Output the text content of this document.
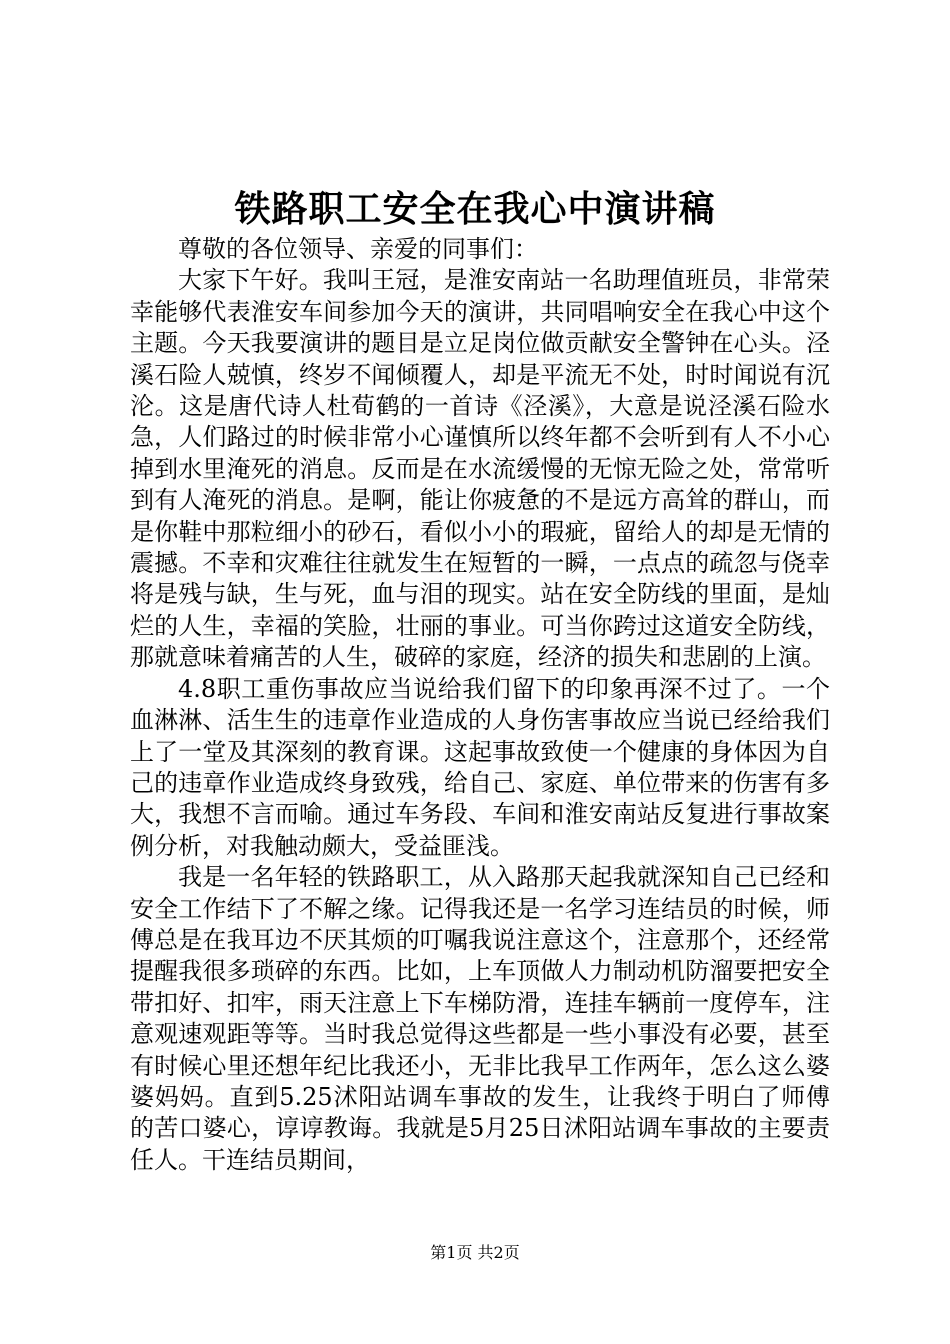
铁路职工安全在我心中演讲稿

尊敬的各位领导、亲爱的同事们：

大家下午好。我叫王冠，是淮安南站一名助理值班员，非常荣幸能够代表淮安车间参加今天的演讲，共同唱响安全在我心中这个主题。今天我要演讲的题目是立足岗位做贡献安全警钟在心头。泾溪石险人兢慎，终岁不闻倾覆人，却是平流无不处，时时闻说有沉沦。这是唐代诗人杜荀鹤的一首诗《泾溪》，大意是说泾溪石险水急，人们路过的时候非常小心谨慎所以终年都不会听到有人不小心掉到水里淹死的消息。反而是在水流缓慢的无惊无险之处，常常听到有人淹死的消息。是啊，能让你疲惫的不是远方高耸的群山，而是你鞋中那粒细小的砂石，看似小小的瑕疵，留给人的却是无情的震撼。不幸和灾难往往就发生在短暂的一瞬，一点点的疏忽与侥幸将是残与缺，生与死，血与泪的现实。站在安全防线的里面，是灿烂的人生，幸福的笑脸，壮丽的事业。可当你跨过这道安全防线，那就意味着痛苦的人生，破碎的家庭，经济的损失和悲剧的上演。

4.8职工重伤事故应当说给我们留下的印象再深不过了。一个血淋淋、活生生的违章作业造成的人身伤害事故应当说已经给我们上了一堂及其深刻的教育课。这起事故致使一个健康的身体因为自己的违章作业造成终身致残，给自己、家庭、单位带来的伤害有多大，我想不言而喻。通过车务段、车间和淮安南站反复进行事故案例分析，对我触动颇大，受益匪浅。

我是一名年轻的铁路职工，从入路那天起我就深知自己已经和安全工作结下了不解之缘。记得我还是一名学习连结员的时候，师傅总是在我耳边不厌其烦的叮嘱我说注意这个，注意那个，还经常提醒我很多琐碎的东西。比如，上车顶做人力制动机防溜要把安全带扣好、扣牢，雨天注意上下车梯防滑，连挂车辆前一度停车，注意观速观距等等。当时我总觉得这些都是一些小事没有必要，甚至有时候心里还想年纪比我还小，无非比我早工作两年，怎么这么婆婆妈妈。直到5.25沭阳站调车事故的发生，让我终于明白了师傅的苦口婆心，谆谆教诲。我就是5月25日沭阳站调车事故的主要责任人。干连结员期间，

第1页 共2页
